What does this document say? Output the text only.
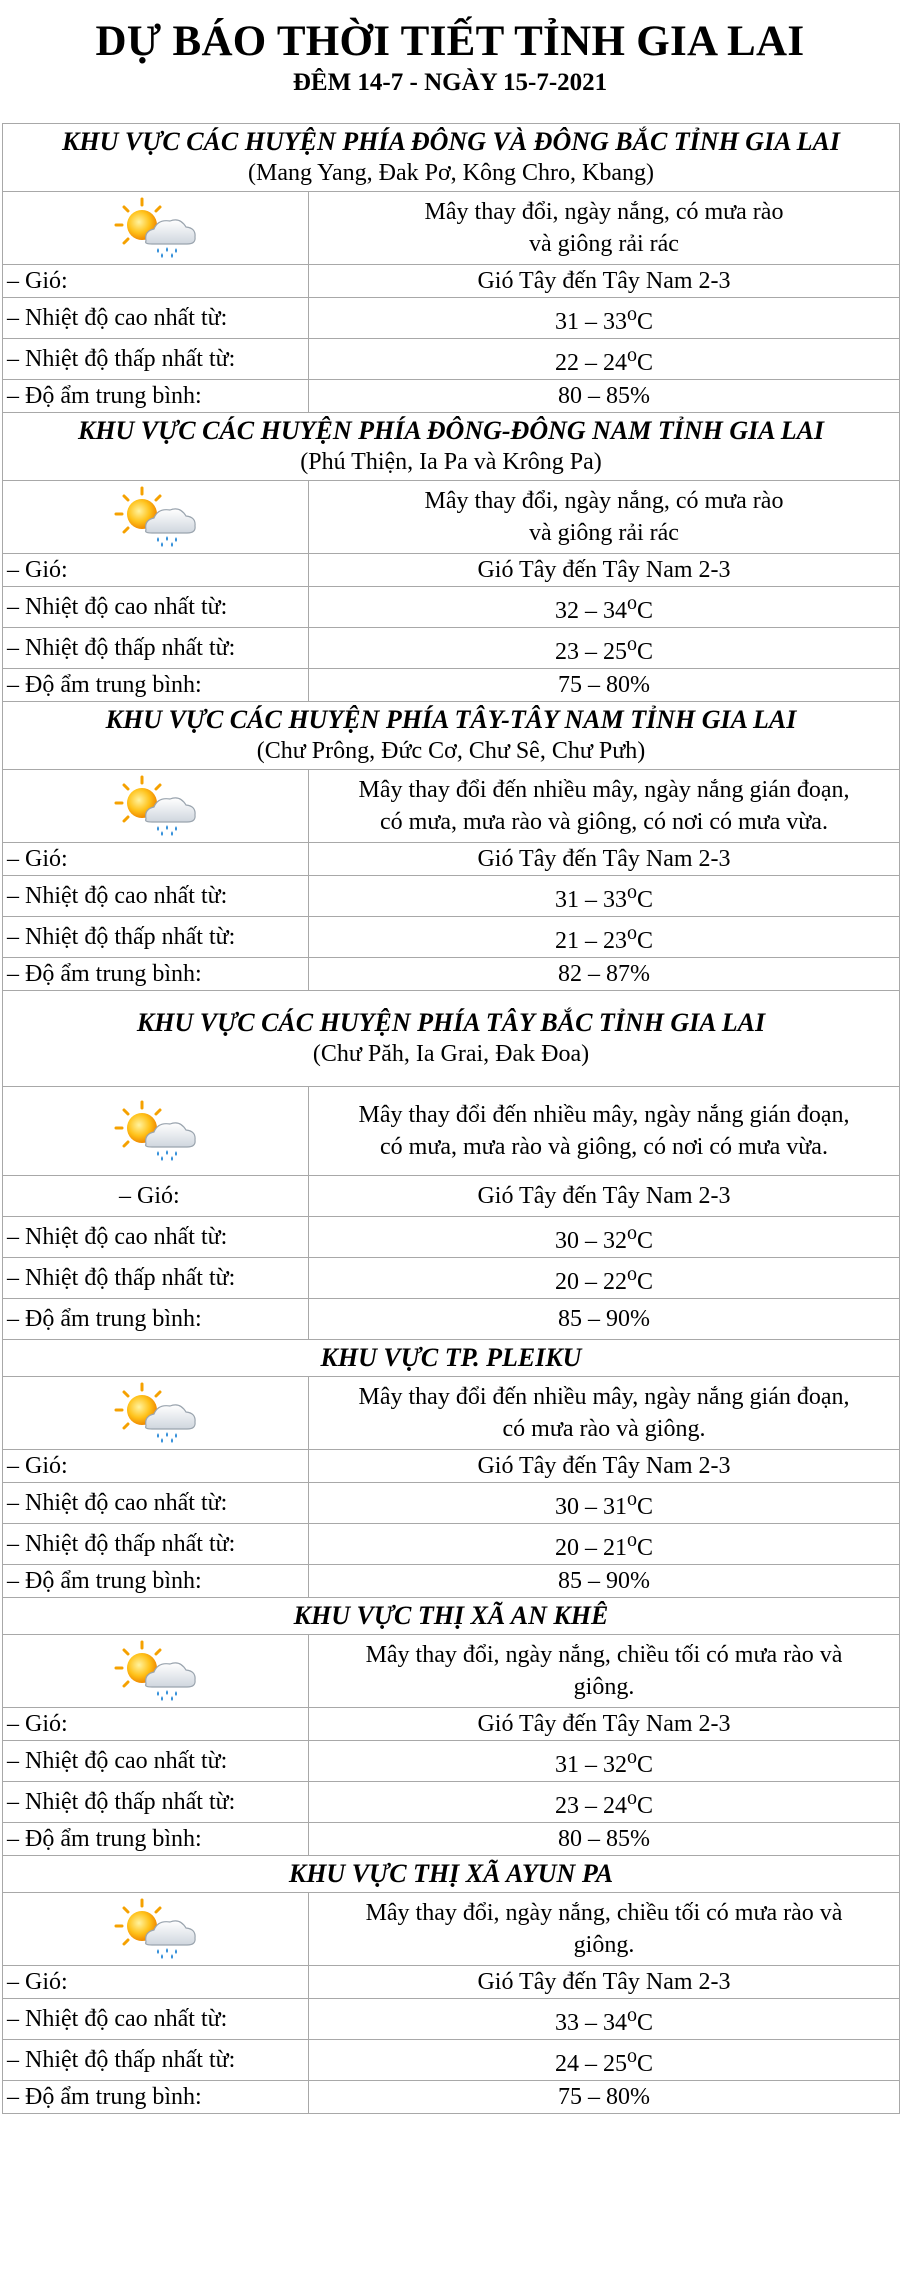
DỰ BÁO THỜI TIẾT TỈNH GIA LAI
ĐÊM 14-7 - NGÀY 15-7-2021
KHU VỰC CÁC HUYỆN PHÍA ĐÔNG VÀ ĐÔNG BẮC TỈNH GIA LAI
(Mang Yang, Đak Pơ, Kông Chro, Kbang)	

Mây thay đổi, ngày nắng, có mưa rào
và giông rải rác

– Gió:	Gió Tây đến Tây Nam 2-3
– Nhiệt độ cao nhất từ:	31 – 33$^o$C
– Nhiệt độ thấp nhất từ:	22 – 24$^o$C
– Độ ẩm trung bình:	80 – 85%

KHU VỰC CÁC HUYỆN PHÍA ĐÔNG-ĐÔNG NAM TỈNH GIA LAI
(Phú Thiện, Ia Pa và Krông Pa)	

Mây thay đổi, ngày nắng, có mưa rào
và giông rải rác

– Gió:	Gió Tây đến Tây Nam 2-3
– Nhiệt độ cao nhất từ:	32 – 34$^o$C
– Nhiệt độ thấp nhất từ:	23 – 25$^o$C
– Độ ẩm trung bình:	75 – 80%

KHU VỰC CÁC HUYỆN PHÍA TÂY-TÂY NAM TỈNH GIA LAI
(Chư Prông, Đức Cơ, Chư Sê, Chư Pưh)	

Mây thay đổi đến nhiều mây, ngày nắng gián đoạn,
có mưa, mưa rào và giông, có nơi có mưa vừa.

– Gió:	Gió Tây đến Tây Nam 2-3
– Nhiệt độ cao nhất từ:	31 – 33$^o$C
– Nhiệt độ thấp nhất từ:	21 – 23$^o$C
– Độ ẩm trung bình:	82 – 87%

KHU VỰC CÁC HUYỆN PHÍA TÂY BẮC TỈNH GIA LAI
(Chư Păh, Ia Grai, Đak Đoa)	

Mây thay đổi đến nhiều mây, ngày nắng gián đoạn,
có mưa, mưa rào và giông, có nơi có mưa vừa.

– Gió:	Gió Tây đến Tây Nam 2-3
– Nhiệt độ cao nhất từ:	30 – 32$^o$C
– Nhiệt độ thấp nhất từ:	20 – 22$^o$C
– Độ ẩm trung bình:	85 – 90%

KHU VỰC TP. PLEIKU	

Mây thay đổi đến nhiều mây, ngày nắng gián đoạn,
có mưa rào và giông.

– Gió:	Gió Tây đến Tây Nam 2-3
– Nhiệt độ cao nhất từ:	30 – 31$^o$C
– Nhiệt độ thấp nhất từ:	20 – 21$^o$C
– Độ ẩm trung bình:	85 – 90%

KHU VỰC THỊ XÃ AN KHÊ	

Mây thay đổi, ngày nắng, chiều tối có mưa rào và
giông.

– Gió:	Gió Tây đến Tây Nam 2-3
– Nhiệt độ cao nhất từ:	31 – 32$^o$C
– Nhiệt độ thấp nhất từ:	23 – 24$^o$C
– Độ ẩm trung bình:	80 – 85%

KHU VỰC THỊ XÃ AYUN PA	

Mây thay đổi, ngày nắng, chiều tối có mưa rào và
giông.

– Gió:	Gió Tây đến Tây Nam 2-3
– Nhiệt độ cao nhất từ:	33 – 34$^o$C
– Nhiệt độ thấp nhất từ:	24 – 25$^o$C
– Độ ẩm trung bình:	75 – 80%
